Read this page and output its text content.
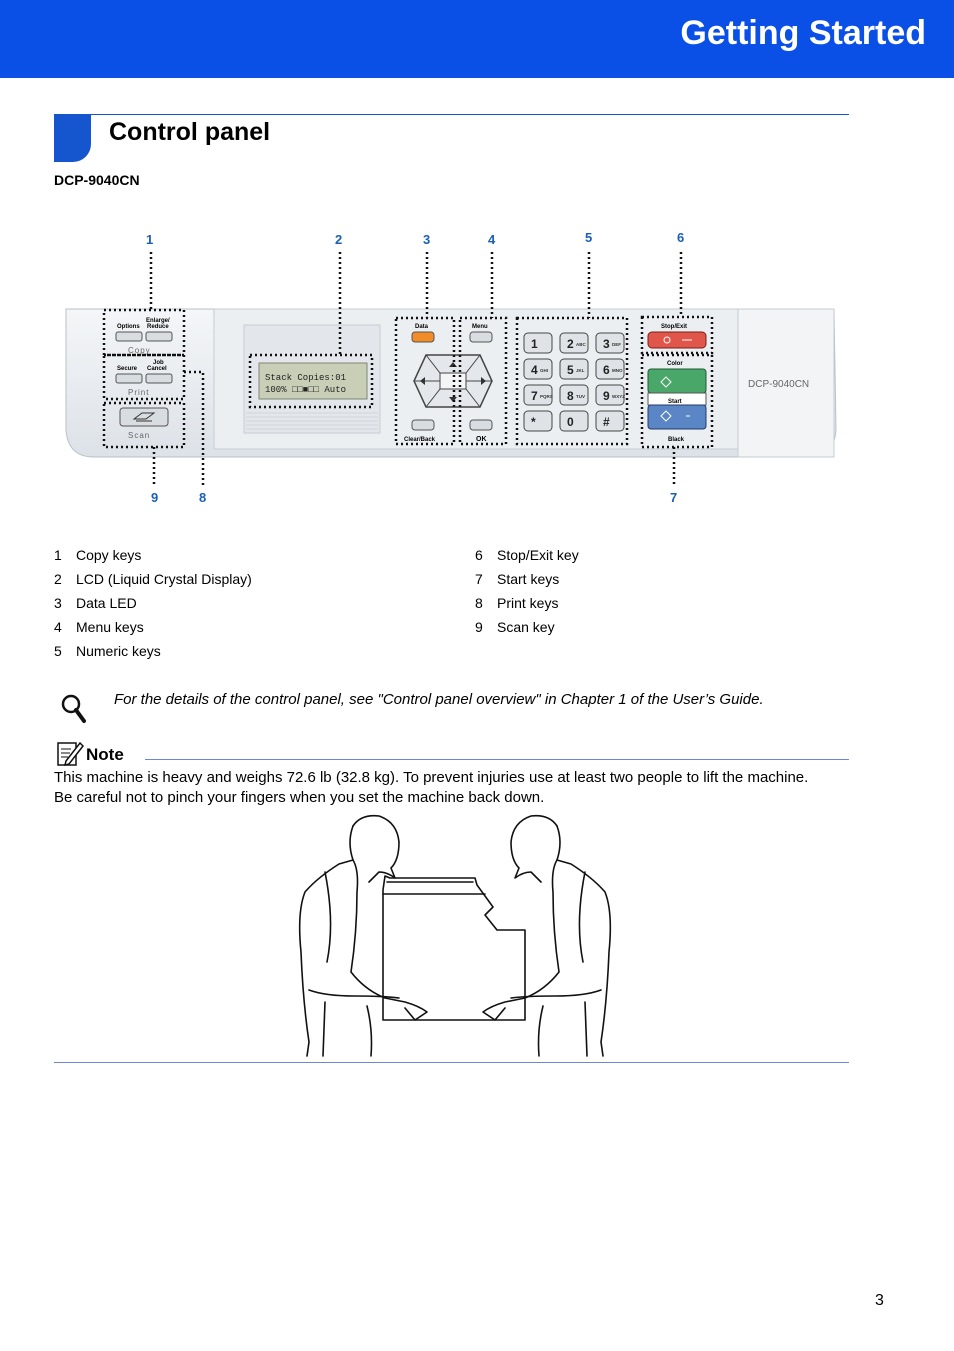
Getting Started
Control panel
DCP-9040CN
Stack Copies:01
100% □□■□□ Auto
Options
Enlarge/
Reduce
Copy
Job
Secure Cancel
Print
Scan
Data	Menu
Clear/Back	OK
1 2 ABC 3 DEF
4 GHI 5 JKL 6 MNO
7 PQRS 8 TUV 9 WXYZ
*	0 #
Stop/Exit
Color
Start
Black
DCP-9040CN
1	2	3	4	5	6
9	8	7
1	Copy keys
2	LCD (Liquid Crystal Display)
3	Data LED
4	Menu keys
5	Numeric keys
6	Stop/Exit key
7	Start keys
8	Print keys
9	Scan key
For the details of the control panel, see "Control panel overview" in Chapter 1 of the User’s Guide.
Note
This machine is heavy and weighs 72.6 lb (32.8 kg). To prevent injuries use at least two people to lift the machine.
Be careful not to pinch your fingers when you set the machine back down.
3
